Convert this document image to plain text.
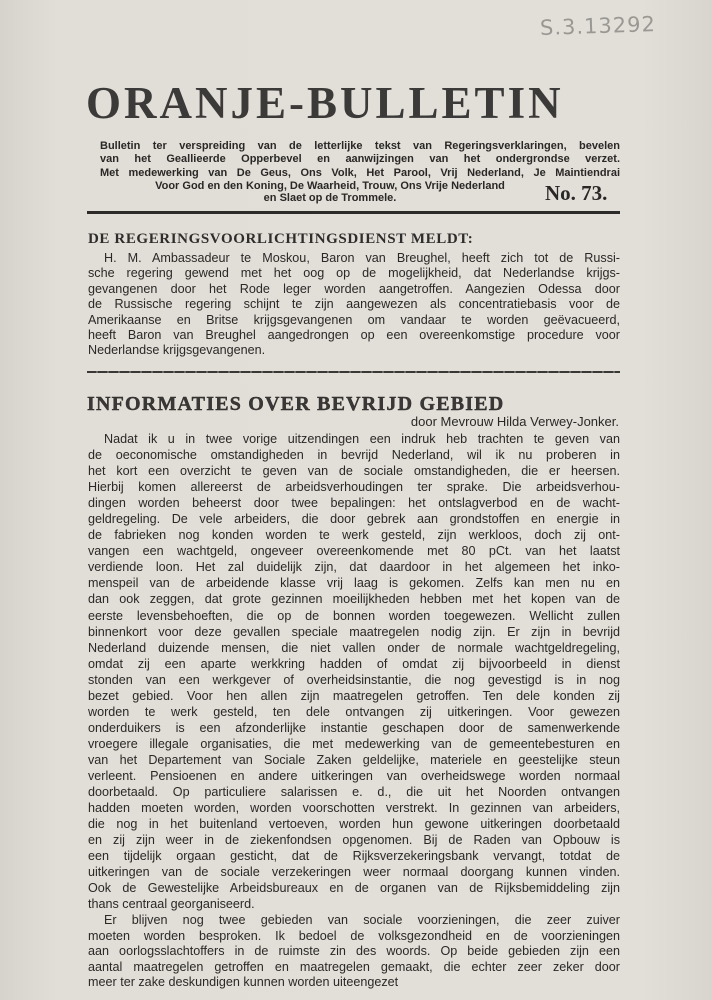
S.3.13292
ORANJE-BULLETIN
Bulletin ter verspreiding van de letterlijke tekst van Regeringsverklaringen, bevelen
van het Geallieerde Opperbevel en aanwijzingen van het ondergrondse verzet.
Met medewerking van De Geus, Ons Volk, Het Parool, Vrij Nederland, Je Maintiendrai
Voor God en den Koning, De Waarheid, Trouw, Ons Vrije Nederland
en Slaet op de Trommele.	No. 73.
DE REGERINGSVOORLICHTINGSDIENST MELDT:
H. M. Ambassadeur te Moskou, Baron van Breughel, heeft zich tot de Russi-
sche regering gewend met het oog op de mogelijkheid, dat Nederlandse krijgs-
gevangenen door het Rode leger worden aangetroffen. Aangezien Odessa door
de Russische regering schijnt te zijn aangewezen als concentratiebasis voor de
Amerikaanse en Britse krijgsgevangenen om vandaar te worden geëvacueerd,
heeft Baron van Breughel aangedrongen op een overeenkomstige procedure voor
Nederlandse krijgsgevangenen.
INFORMATIES OVER BEVRIJD GEBIED
door Mevrouw Hilda Verwey-Jonker.
Nadat ik u in twee vorige uitzendingen een indruk heb trachten te geven van
de oeconomische omstandigheden in bevrijd Nederland, wil ik nu proberen in
het kort een overzicht te geven van de sociale omstandigheden, die er heersen.
Hierbij komen allereerst de arbeidsverhoudingen ter sprake. Die arbeidsverhou-
dingen worden beheerst door twee bepalingen: het ontslagverbod en de wacht-
geldregeling. De vele arbeiders, die door gebrek aan grondstoffen en energie in
de fabrieken nog konden worden te werk gesteld, zijn werkloos, doch zij ont-
vangen een wachtgeld, ongeveer overeenkomende met 80 pCt. van het laatst
verdiende loon. Het zal duidelijk zijn, dat daardoor in het algemeen het inko-
menspeil van de arbeidende klasse vrij laag is gekomen. Zelfs kan men nu en
dan ook zeggen, dat grote gezinnen moeilijkheden hebben met het kopen van de
eerste levensbehoeften, die op de bonnen worden toegewezen. Wellicht zullen
binnenkort voor deze gevallen speciale maatregelen nodig zijn. Er zijn in bevrijd
Nederland duizende mensen, die niet vallen onder de normale wachtgeldregeling,
omdat zij een aparte werkkring hadden of omdat zij bijvoorbeeld in dienst
stonden van een werkgever of overheidsinstantie, die nog gevestigd is in nog
bezet gebied. Voor hen allen zijn maatregelen getroffen. Ten dele konden zij
worden te werk gesteld, ten dele ontvangen zij uitkeringen. Voor gewezen
onderduikers is een afzonderlijke instantie geschapen door de samenwerkende
vroegere illegale organisaties, die met medewerking van de gemeentebesturen en
van het Departement van Sociale Zaken geldelijke, materiele en geestelijke steun
verleent. Pensioenen en andere uitkeringen van overheidswege worden normaal
doorbetaald. Op particuliere salarissen e. d., die uit het Noorden ontvangen
hadden moeten worden, worden voorschotten verstrekt. In gezinnen van arbeiders,
die nog in het buitenland vertoeven, worden hun gewone uitkeringen doorbetaald
en zij zijn weer in de ziekenfondsen opgenomen. Bij de Raden van Opbouw is
een tijdelijk orgaan gesticht, dat de Rijksverzekeringsbank vervangt, totdat de
uitkeringen van de sociale verzekeringen weer normaal doorgang kunnen vinden.
Ook de Gewestelijke Arbeidsbureaux en de organen van de Rijksbemiddeling zijn
thans centraal georganiseerd.
Er blijven nog twee gebieden van sociale voorzieningen, die zeer zuiver
moeten worden besproken. Ik bedoel de volksgezondheid en de voorzieningen
aan oorlogsslachtoffers in de ruimste zin des woords. Op beide gebieden zijn een
aantal maatregelen getroffen en maatregelen gemaakt, die echter zeer zeker door
meer ter zake deskundigen kunnen worden uiteengezet
